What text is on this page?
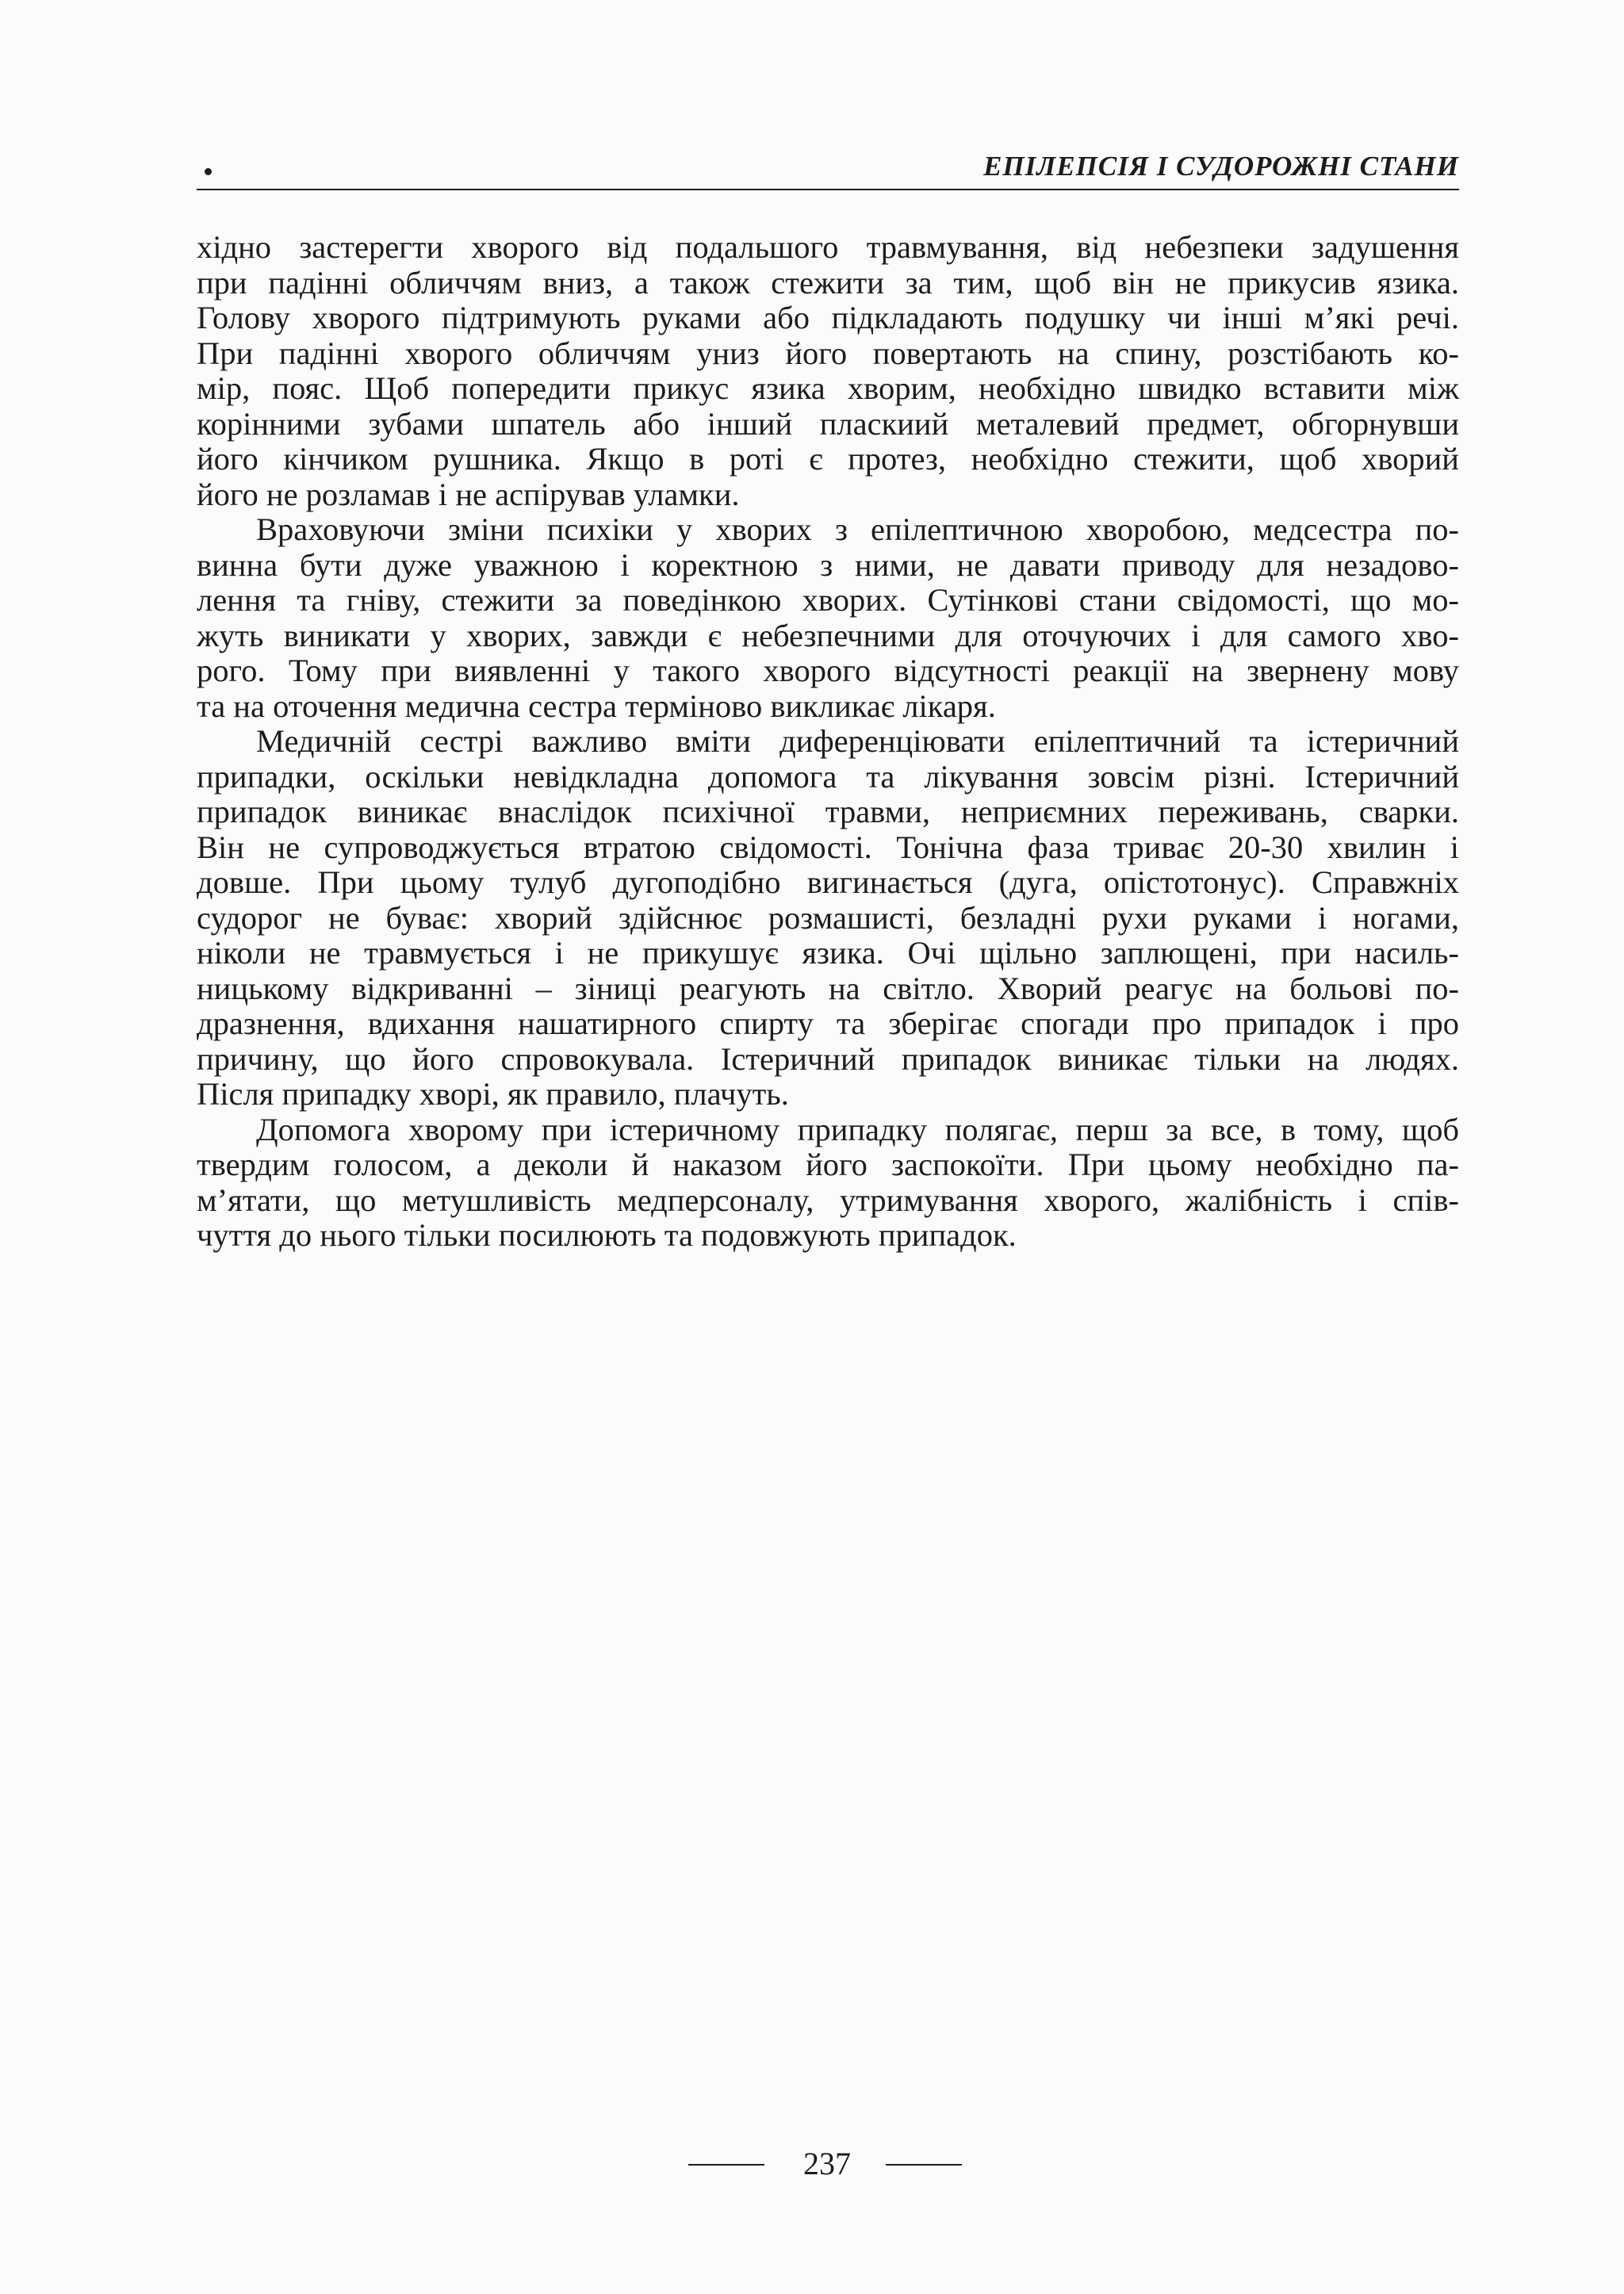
ЕПІЛЕПСІЯ І СУДОРОЖНІ СТАНИ
хідно застерегти хворого від подальшого травмування, від небезпеки задушення
при падінні обличчям вниз, а також стежити за тим, щоб він не прикусив язика.
Голову хворого підтримують руками або підкладають подушку чи інші м’які речі.
При падінні хворого обличчям униз його повертають на спину, розстібають ко-
мір, пояс. Щоб попередити прикус язика хворим, необхідно швидко вставити між
корінними зубами шпатель або інший пласкиий металевий предмет, обгорнувши
його кінчиком рушника. Якщо в роті є протез, необхідно стежити, щоб хворий
його не розламав і не аспірував уламки.
Враховуючи зміни психіки у хворих з епілептичною хворобою, медсестра по-
винна бути дуже уважною і коректною з ними, не давати приводу для незадово-
лення та гніву, стежити за поведінкою хворих. Сутінкові стани свідомості, що мо-
жуть виникати у хворих, завжди є небезпечними для оточуючих і для самого хво-
рого. Тому при виявленні у такого хворого відсутності реакції на звернену мову
та на оточення медична сестра терміново викликає лікаря.
Медичній сестрі важливо вміти диференціювати епілептичний та істеричний
припадки, оскільки невідкладна допомога та лікування зовсім різні. Істеричний
припадок виникає внаслідок психічної травми, неприємних переживань, сварки.
Він не супроводжується втратою свідомості. Тонічна фаза триває 20-30 хвилин і
довше. При цьому тулуб дугоподібно вигинається (дуга, опістотонус). Справжніх
судорог не буває: хворий здійснює розмашисті, безладні рухи руками і ногами,
ніколи не травмується і не прикушує язика. Очі щільно заплющені, при насиль-
ницькому відкриванні – зіниці реагують на світло. Хворий реагує на больові по-
дразнення, вдихання нашатирного спирту та зберігає спогади про припадок і про
причину, що його спровокувала. Істеричний припадок виникає тільки на людях.
Після припадку хворі, як правило, плачуть.
Допомога хворому при істеричному припадку полягає, перш за все, в тому, щоб
твердим голосом, а деколи й наказом його заспокоїти. При цьому необхідно па-
м’ятати, що метушливість медперсоналу, утримування хворого, жалібність і спів-
чуття до нього тільки посилюють та подовжують припадок.
237
